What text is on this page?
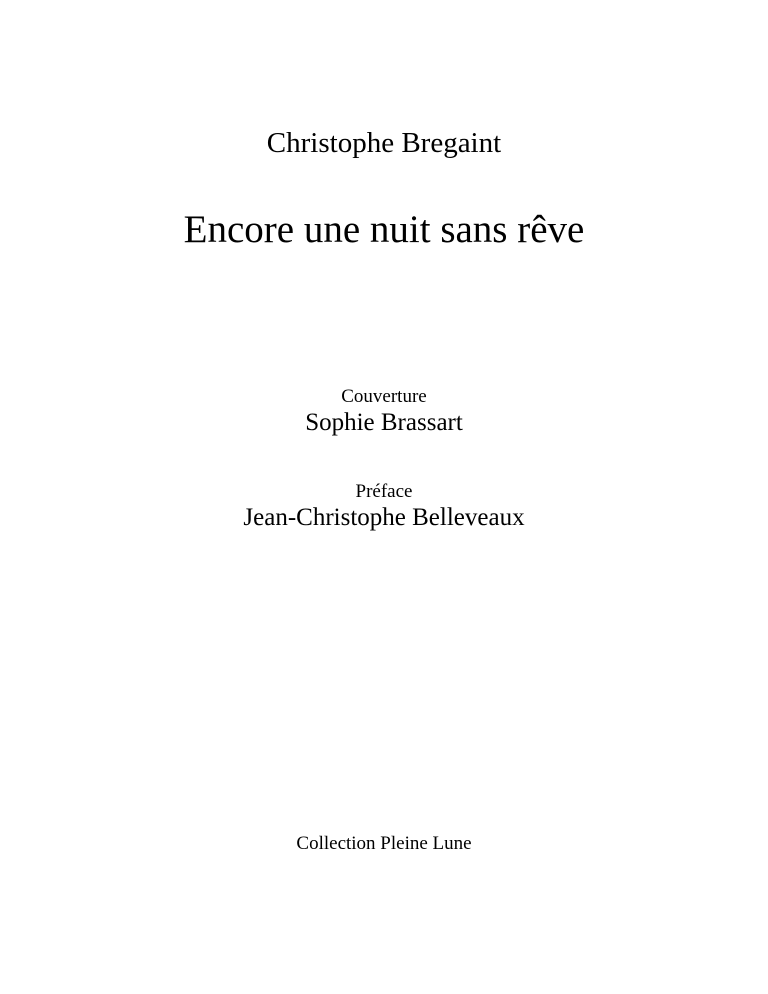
Christophe Bregaint
Encore une nuit sans rêve
Couverture
Sophie Brassart
Préface
Jean-Christophe Belleveaux
Collection Pleine Lune
